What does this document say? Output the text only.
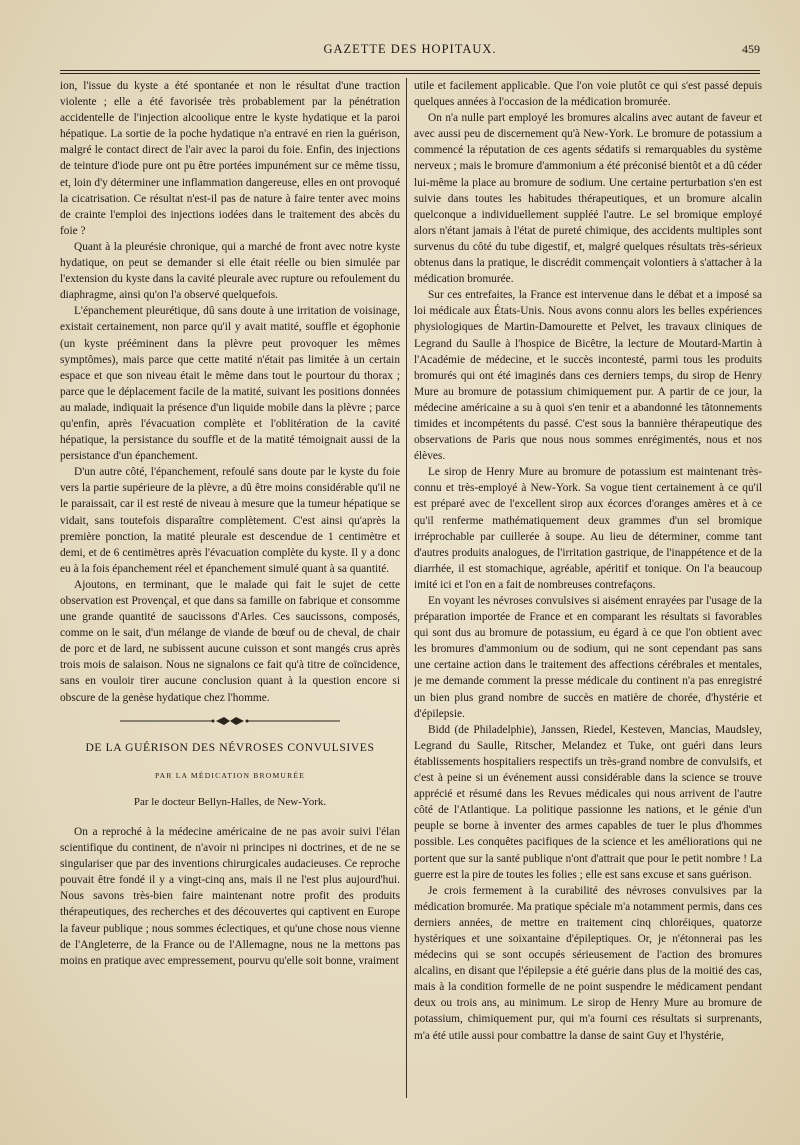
GAZETTE DES HOPITAUX.	459

ion, l'issue du kyste a été spontanée et non le résultat d'une traction violente ; elle a été favorisée très probablement par la pénétration accidentelle de l'injection alcoolique entre le kyste hydatique et la paroi hépatique. La sortie de la poche hydatique n'a entravé en rien la guérison, malgré le contact direct de l'air avec la paroi du foie. Enfin, des injections de teinture d'iode pure ont pu être portées impunément sur ce même tissu, et, loin d'y déterminer une inflammation dangereuse, elles en ont provoqué la cicatrisation. Ce résultat n'est-il pas de nature à faire tenter avec moins de crainte l'emploi des injections iodées dans le traitement des abcès du foie ?

Quant à la pleurésie chronique, qui a marché de front avec notre kyste hydatique, on peut se demander si elle était réelle ou bien simulée par l'extension du kyste dans la cavité pleurale avec rupture ou refoulement du diaphragme, ainsi qu'on l'a observé quelquefois.

L'épanchement pleurétique, dû sans doute à une irritation de voisinage, existait certainement, non parce qu'il y avait matité, souffle et égophonie (un kyste prééminent dans la plèvre peut provoquer les mêmes symptômes), mais parce que cette matité n'était pas limitée à un certain espace et que son niveau était le même dans tout le pourtour du thorax ; parce que le déplacement facile de la matité, suivant les positions données au malade, indiquait la présence d'un liquide mobile dans la plèvre ; parce qu'enfin, après l'évacuation complète et l'oblitération de la cavité hépatique, la persistance du souffle et de la matité témoignait aussi de la persistance d'un épanchement.

D'un autre côté, l'épanchement, refoulé sans doute par le kyste du foie vers la partie supérieure de la plèvre, a dû être moins considérable qu'il ne le paraissait, car il est resté de niveau à mesure que la tumeur hépatique se vidait, sans toutefois disparaître complètement. C'est ainsi qu'après la première ponction, la matité pleurale est descendue de 1 centimètre et demi, et de 6 centimètres après l'évacuation complète du kyste. Il y a donc eu à la fois épanchement réel et épanchement simulé quant à sa quantité.

Ajoutons, en terminant, que le malade qui fait le sujet de cette observation est Provençal, et que dans sa famille on fabrique et consomme une grande quantité de saucissons d'Arles. Ces saucissons, composés, comme on le sait, d'un mélange de viande de bœuf ou de cheval, de chair de porc et de lard, ne subissent aucune cuisson et sont mangés crus après trois mois de salaison. Nous ne signalons ce fait qu'à titre de coïncidence, sans en vouloir tirer aucune conclusion quant à la question encore si obscure de la genèse hydatique chez l'homme.

DE LA GUÉRISON DES NÉVROSES CONVULSIVES
PAR LA MÉDICATION BROMURÉE
Par le docteur Bellyn-Halles, de New-York.

On a reproché à la médecine américaine de ne pas avoir suivi l'élan scientifique du continent, de n'avoir ni principes ni doctrines, et de ne se singulariser que par des inventions chirurgicales audacieuses. Ce reproche pouvait être fondé il y a vingt-cinq ans, mais il ne l'est plus aujourd'hui. Nous savons très-bien faire maintenant notre profit des produits thérapeutiques, des recherches et des découvertes qui captivent en Europe la faveur publique ; nous sommes éclectiques, et qu'une chose nous vienne de l'Angleterre, de la France ou de l'Allemagne, nous ne la mettons pas moins en pratique avec empressement, pourvu qu'elle soit bonne, vraiment

utile et facilement applicable. Que l'on voie plutôt ce qui s'est passé depuis quelques années à l'occasion de la médication bromurée.

On n'a nulle part employé les bromures alcalins avec autant de faveur et avec aussi peu de discernement qu'à New-York. Le bromure de potassium a commencé la réputation de ces agents sédatifs si remarquables du système nerveux ; mais le bromure d'ammonium a été préconisé bientôt et a dû céder lui-même la place au bromure de sodium. Une certaine perturbation s'en est suivie dans toutes les habitudes thérapeutiques, et un bromure alcalin quelconque a individuellement suppléé l'autre. Le sel bromique employé alors n'étant jamais à l'état de pureté chimique, des accidents multiples sont survenus du côté du tube digestif, et, malgré quelques résultats très-sérieux obtenus dans la pratique, le discrédit commençait volontiers à s'attacher à la médication bromurée.

Sur ces entrefaites, la France est intervenue dans le débat et a imposé sa loi médicale aux États-Unis. Nous avons connu alors les belles expériences physiologiques de Martin-Damourette et Pelvet, les travaux cliniques de Legrand du Saulle à l'hospice de Bicêtre, la lecture de Moutard-Martin à l'Académie de médecine, et le succès incontesté, parmi tous les produits bromurés qui ont été imaginés dans ces derniers temps, du sirop de Henry Mure au bromure de potassium chimiquement pur. A partir de ce jour, la médecine américaine a su à quoi s'en tenir et a abandonné les tâtonnements timides et incompétents du passé. C'est sous la bannière thérapeutique des observations de Paris que nous nous sommes enrégimentés, nous et nos élèves.

Le sirop de Henry Mure au bromure de potassium est maintenant très-connu et très-employé à New-York. Sa vogue tient certainement à ce qu'il est préparé avec de l'excellent sirop aux écorces d'oranges amères et à ce qu'il renferme mathématiquement deux grammes d'un sel bromique irréprochable par cuillerée à soupe. Au lieu de déterminer, comme tant d'autres produits analogues, de l'irritation gastrique, de l'inappétence et de la diarrhée, il est stomachique, agréable, apéritif et tonique. On l'a beaucoup imité ici et l'on en a fait de nombreuses contrefaçons.

En voyant les névroses convulsives si aisément enrayées par l'usage de la préparation importée de France et en comparant les résultats si favorables qui sont dus au bromure de potassium, eu égard à ce que l'on obtient avec les bromures d'ammonium ou de sodium, qui ne sont cependant pas sans une certaine action dans le traitement des affections cérébrales et mentales, je me demande comment la presse médicale du continent n'a pas enregistré un bien plus grand nombre de succès en matière de chorée, d'hystérie et d'épilepsie.

Bidd (de Philadelphie), Janssen, Riedel, Kesteven, Mancias, Maudsley, Legrand du Saulle, Ritscher, Melandez et Tuke, ont guéri dans leurs établissements hospitaliers respectifs un très-grand nombre de convulsifs, et c'est à peine si un événement aussi considérable dans la science se trouve apprécié et résumé dans les Revues médicales qui nous arrivent de l'autre côté de l'Atlantique. La politique passionne les nations, et le génie d'un peuple se borne à inventer des armes capables de tuer le plus d'hommes possible. Les conquêtes pacifiques de la science et les améliorations qui ne portent que sur la santé publique n'ont d'attrait que pour le petit nombre ! La guerre est la pire de toutes les folies ; elle est sans excuse et sans guérison.

Je crois fermement à la curabilité des névroses convulsives par la médication bromurée. Ma pratique spéciale m'a notamment permis, dans ces derniers années, de mettre en traitement cinq chloréiques, quatorze hystériques et une soixantaine d'épileptiques. Or, je n'étonnerai pas les médecins qui se sont occupés sérieusement de l'action des bromures alcalins, en disant que l'épilepsie a été guérie dans plus de la moitié des cas, mais à la condition formelle de ne point suspendre le médicament pendant deux ou trois ans, au minimum. Le sirop de Henry Mure au bromure de potassium, chimiquement pur, qui m'a fourni ces résultats si surprenants, m'a été utile aussi pour combattre la danse de saint Guy et l'hystérie,
